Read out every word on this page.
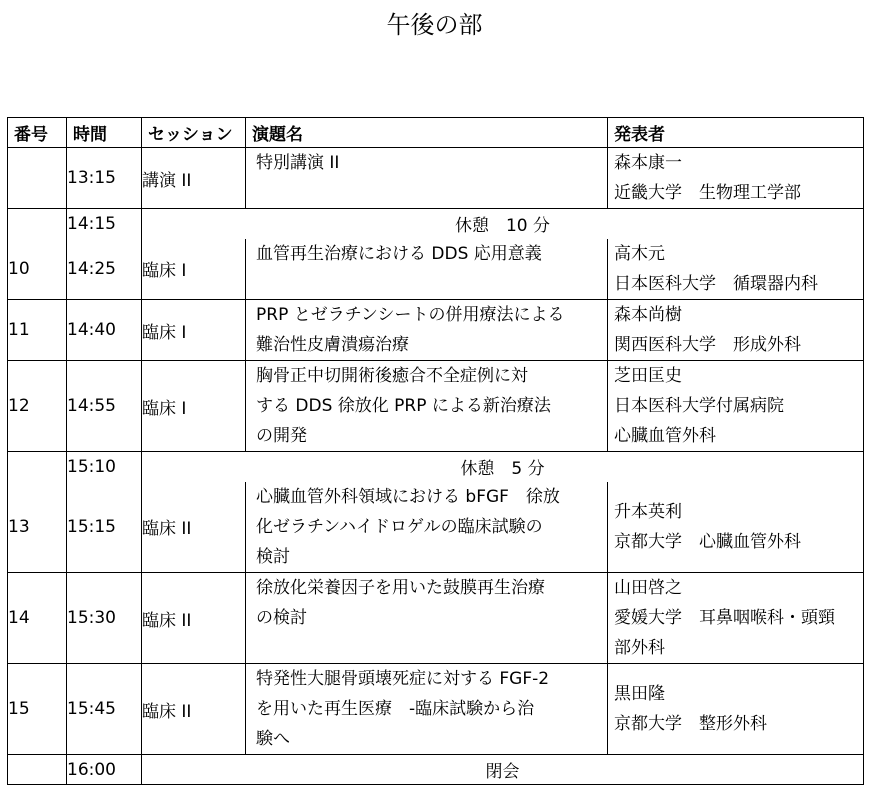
午後の部
番号	時間	セッション	演題名	発表者
	13:15	講演 II	特別講演 II	森本康一
近畿大学　生物理工学部

	14:15	休憩　10 分		
10	14:25	臨床 I	血管再生治療における DDS 応用意義	高木元
日本医科大学　循環器内科

11	14:40	臨床 I	PRP とゼラチンシートの併用療法による
難治性皮膚潰瘍治療	森本尚樹
関西医科大学　形成外科

12	14:55	臨床 I	胸骨正中切開術後癒合不全症例に対
する DDS 徐放化 PRP による新治療法
の開発	芝田匡史
日本医科大学付属病院
心臓血管外科

	15:10	休憩　5 分		
13	15:15	臨床 II	心臓血管外科領域における bFGF　徐放
化ゼラチンハイドロゲルの臨床試験の
検討	升本英利
京都大学　心臓血管外科

14	15:30	臨床 II	徐放化栄養因子を用いた鼓膜再生治療
の検討	山田啓之
愛媛大学　耳鼻咽喉科・頭頸
部外科

15	15:45	臨床 II	特発性大腿骨頭壊死症に対する FGF-2
を用いた再生医療　-臨床試験から治
験へ	黒田隆
京都大学　整形外科

	16:00	閉会		
